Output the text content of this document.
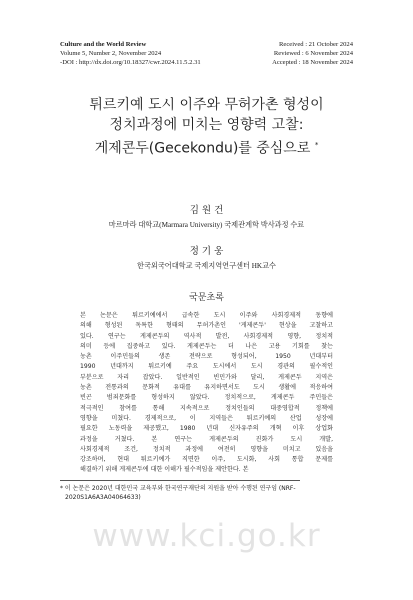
Culture and the World Review
Volume 5, Number 2, November 2024
-DOI : http://dx.doi.org/10.18327/cwr.2024.11.5.2.31
Received : 21 October 2024
Reviewed : 6 November 2024
Accepted : 18 November 2024
튀르키예 도시 이주와 무허가촌 형성이
정치과정에 미치는 영향력 고찰:
게제콘두(Gecekondu)를 중심으로 *
김 원 건
마르마라 대학교(Marmara University) 국제관계학 박사과정 수료
정 기 웅
한국외국어대학교 국제지역연구센터 HK교수
국문초록
본 논문은 튀르키예에서 급속한 도시 이주와 사회경제적 동향에
의해 형성된 독특한 형태의 무허가촌인 '게제콘두' 현상을 고찰하고
있다. 연구는 게제콘두의 역사적 발전, 사회경제적 영향, 정치적
의미 등에 집중하고 있다. 게제콘두는 더 나은 고용 기회를 찾는
농촌 이주민들의 생존 전략으로 형성되어, 1950 년대부터
1990 년대까지 튀르키예 주요 도시에서 도시 경관의 필수적인
부분으로 자리 잡았다. 일반적인 빈민가와 달리, 게제콘두 지역은
농촌 전통과의 문화적 유대를 유지하면서도 도시 생활에 적응하여
빈곤 범죄문화를 형성하지 않았다. 정치적으로, 게제콘두 주민들은
적극적인 참여를 통해 지속적으로 정치인들의 대중영합적 정책에
영향을 미쳤다. 경제적으로, 이 지역들은 튀르키예의 산업 성장에
필요한 노동력을 제공했고, 1980 년대 신자유주의 개혁 이후 상업화
과정을 거쳤다. 본 연구는 게제콘두의 진화가 도시 개발,
사회경제적 조건, 정치적 과정에 여전히 영향을 미치고 있음을
강조하며, 현대 튀르키예가 직면한 이주, 도시화, 사회 통합 문제를
해결하기 위해 게제콘두에 대한 이해가 필수적임을 제안한다. 본
* 이 논문은 2020년 대한민국 교육부와 한국연구재단의 지원을 받아 수행된 연구임 (NRF-
2020S1A6A3A04064633)
www.kci.go.kr
